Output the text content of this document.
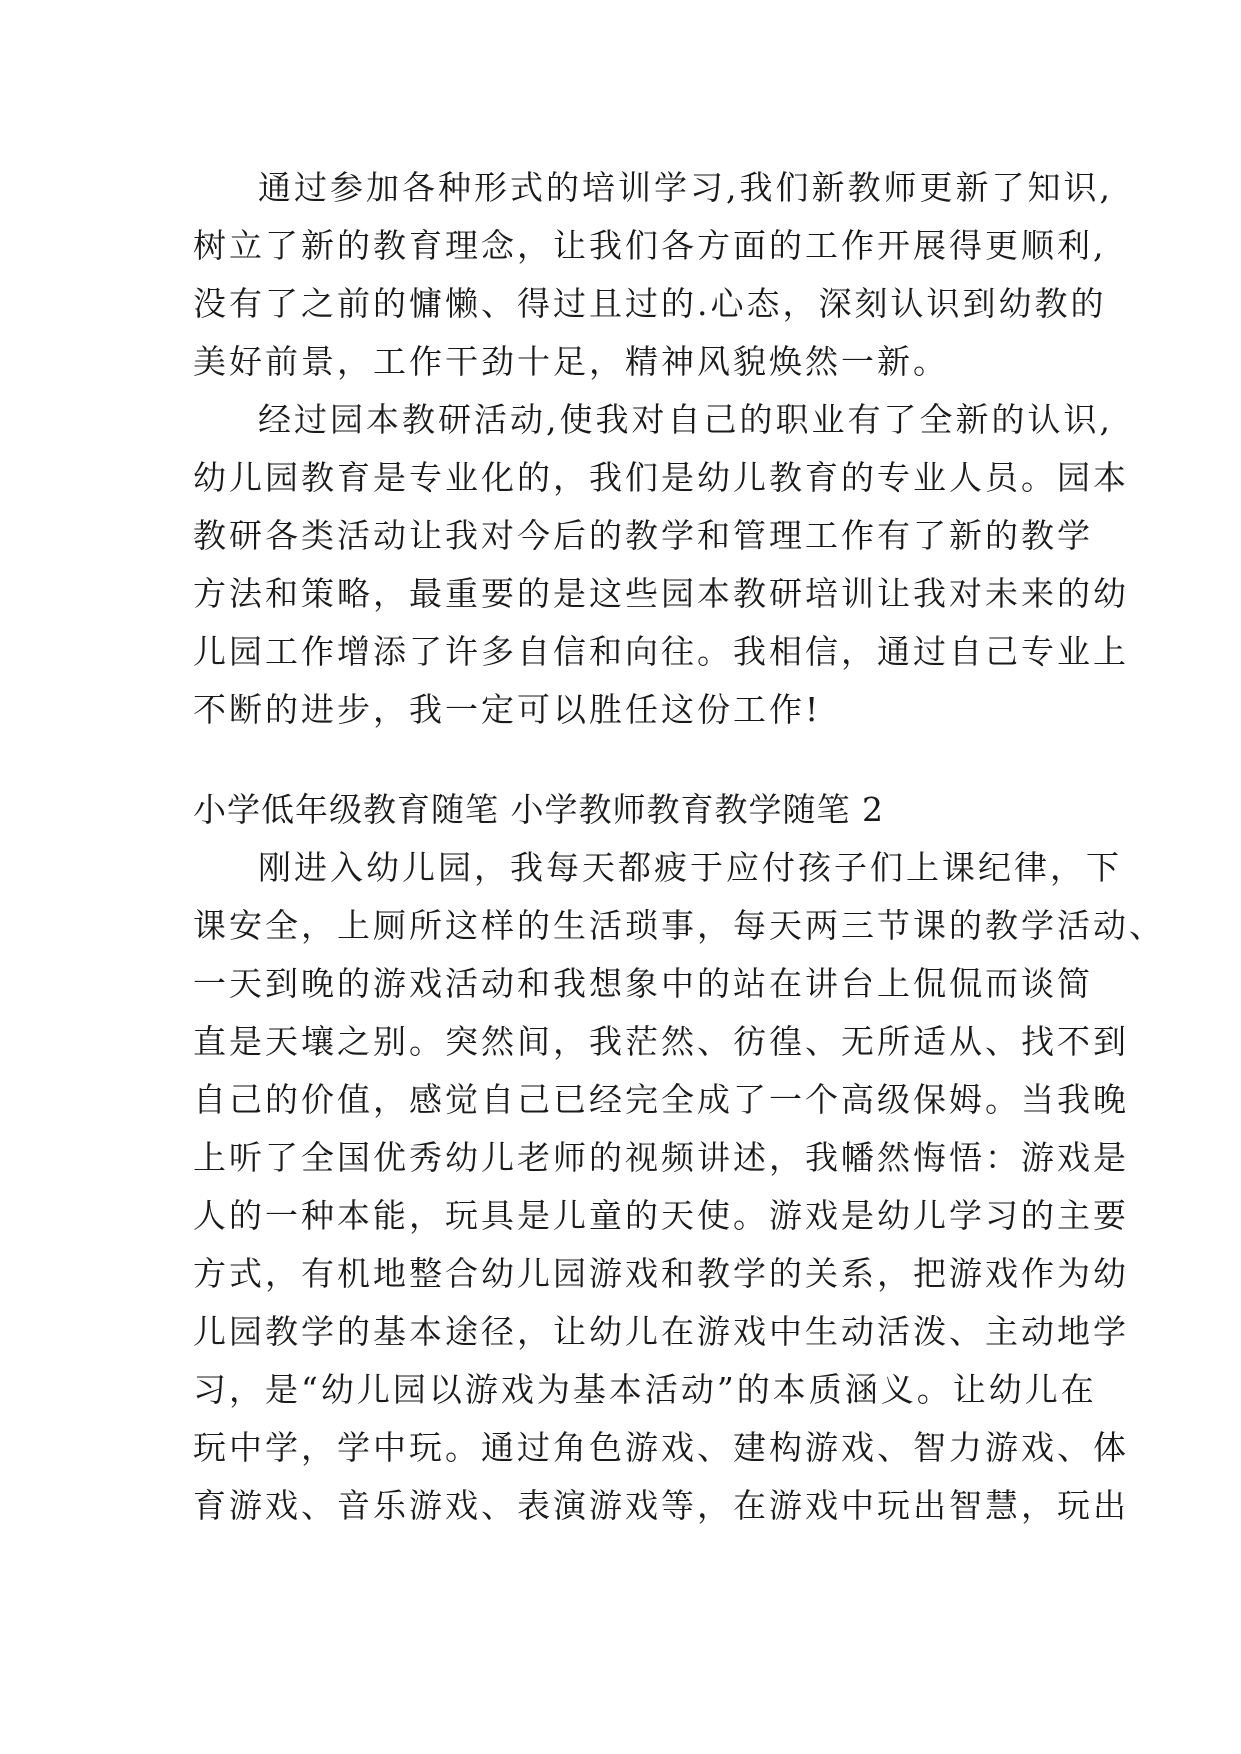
通过参加各种形式的培训学习,我们新教师更新了知识,
树立了新的教育理念，让我们各方面的工作开展得更顺利,
没有了之前的慵懒、得过且过的.心态，深刻认识到幼教的
美好前景，工作干劲十足，精神风貌焕然一新。
经过园本教研活动,使我对自己的职业有了全新的认识,
幼儿园教育是专业化的，我们是幼儿教育的专业人员。园本
教研各类活动让我对今后的教学和管理工作有了新的教学
方法和策略，最重要的是这些园本教研培训让我对未来的幼
儿园工作增添了许多自信和向往。我相信，通过自己专业上
不断的进步，我一定可以胜任这份工作!
小学低年级教育随笔 小学教师教育教学随笔 2
刚进入幼儿园，我每天都疲于应付孩子们上课纪律，下
课安全，上厕所这样的生活琐事，每天两三节课的教学活动、
一天到晚的游戏活动和我想象中的站在讲台上侃侃而谈简
直是天壤之别。突然间，我茫然、彷徨、无所适从、找不到
自己的价值，感觉自己已经完全成了一个高级保姆。当我晚
上听了全国优秀幼儿老师的视频讲述，我幡然悔悟：游戏是
人的一种本能，玩具是儿童的天使。游戏是幼儿学习的主要
方式，有机地整合幼儿园游戏和教学的关系，把游戏作为幼
儿园教学的基本途径，让幼儿在游戏中生动活泼、主动地学
习，是“幼儿园以游戏为基本活动”的本质涵义。让幼儿在
玩中学，学中玩。通过角色游戏、建构游戏、智力游戏、体
育游戏、音乐游戏、表演游戏等，在游戏中玩出智慧，玩出
